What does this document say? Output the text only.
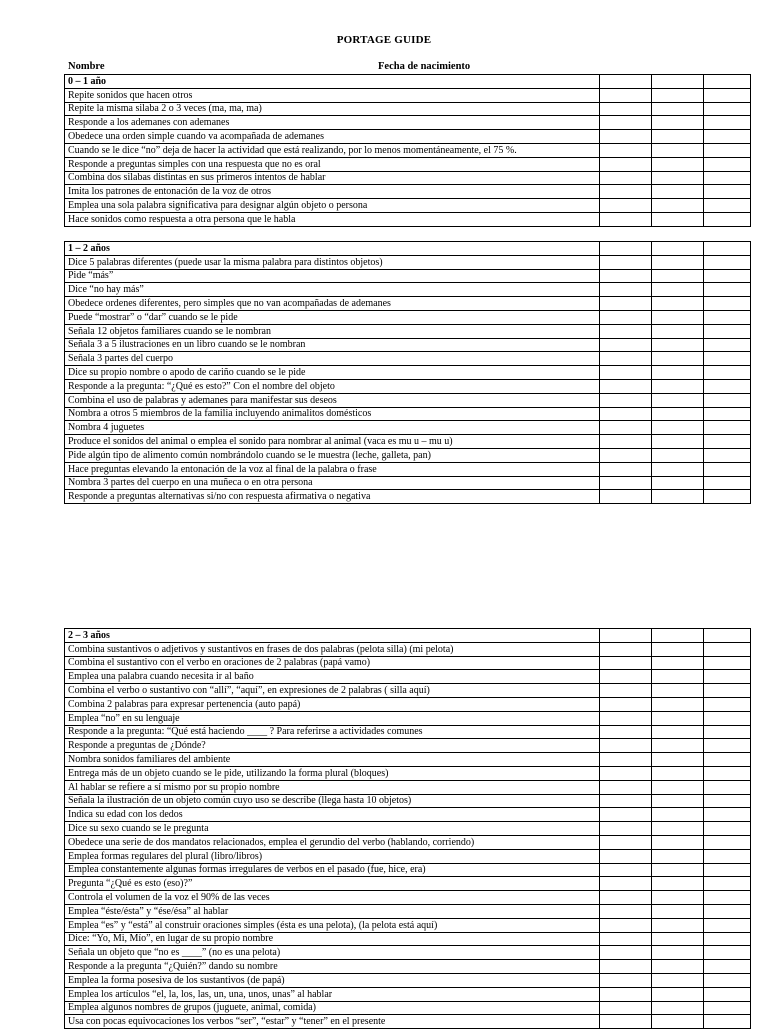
PORTAGE GUIDE
Nombre	Fecha de nacimiento
0 – 1 año			
Repite sonidos que hacen otros			
Repite la misma silaba 2 o 3 veces (ma, ma, ma)			
Responde a los ademanes con ademanes			
Obedece una orden simple cuando va acompañada de ademanes			
Cuando se le dice “no” deja de hacer la actividad que está realizando, por lo menos momentáneamente, el 75 %.			
Responde a preguntas simples con una respuesta que no es oral			
Combina dos silabas distintas en sus primeros intentos de hablar			
Imita los patrones de entonación de la voz de otros			
Emplea una sola palabra significativa para designar algún objeto o persona			
Hace sonidos como respuesta a otra persona que le habla			
1 – 2 años			
Dice 5 palabras diferentes (puede usar la misma palabra para distintos objetos)			
Pide “más”			
Dice “no hay más”			
Obedece ordenes diferentes, pero simples que no van acompañadas de ademanes			
Puede “mostrar” o “dar” cuando se le pide			
Señala 12 objetos familiares cuando se le nombran			
Señala 3 a 5 ilustraciones en un libro cuando se le nombran			
Señala 3 partes del cuerpo			
Dice su propio nombre o apodo de cariño cuando se le pide			
Responde a la pregunta: “¿Qué es esto?” Con el nombre del objeto			
Combina el uso de palabras y ademanes para manifestar sus deseos			
Nombra a otros 5 miembros de la familia incluyendo animalitos domésticos			
Nombra 4 juguetes			
Produce el sonidos del animal o emplea el sonido para nombrar al animal (vaca es mu u – mu u)			
Pide algún tipo de alimento común nombrándolo cuando se le muestra (leche, galleta, pan)			
Hace preguntas elevando la entonación de la voz al final de la palabra o frase			
Nombra 3 partes del cuerpo en una muñeca o en otra persona			
Responde a preguntas alternativas si/no con respuesta afirmativa o negativa			
2 – 3 años			
Combina sustantivos o adjetivos y sustantivos en frases de dos palabras (pelota silla) (mi pelota)			
Combina el sustantivo con el verbo en oraciones de 2 palabras (papá vamo)			
Emplea una palabra cuando necesita ir al baño			
Combina el verbo o sustantivo con “allí”, “aquí”, en expresiones de 2 palabras ( silla aquí)			
Combina 2 palabras para expresar pertenencia (auto papá)			
Emplea “no” en su lenguaje			
Responde a la pregunta: “Qué está haciendo ____ ? Para referirse a actividades comunes			
Responde a preguntas de ¿Dónde?			
Nombra sonidos familiares del ambiente			
Entrega más de un objeto cuando se le pide, utilizando la forma plural (bloques)			
Al hablar se refiere a sí mismo por su propio nombre			
Señala la ilustración de un objeto común cuyo uso se describe (llega hasta 10 objetos)			
Indica su edad con los dedos			
Dice su sexo cuando se le pregunta			
Obedece una serie de dos mandatos relacionados, emplea el gerundio del verbo (hablando, corriendo)			
Emplea formas regulares del plural (libro/libros)			
Emplea constantemente algunas formas irregulares de verbos en el pasado (fue, hice, era)			
Pregunta “¿Qué es esto (eso)?”			
Controla el volumen de la voz el 90% de las veces			
Emplea “éste/ésta” y “ése/ésa” al hablar			
Emplea “es” y “está” al construir oraciones simples (ésta es una pelota), (la pelota está aquí)			
Dice: “Yo, Mi, Mío”, en lugar de su propio nombre			
Señala un objeto que “no es ____” (no es una pelota)			
Responde a la pregunta “¿Quién?” dando su nombre			
Emplea la forma posesiva de los sustantivos (de papá)			
Emplea los artículos “el, la, los, las, un, una, unos, unas” al hablar			
Emplea algunos nombres de grupos (juguete, animal, comida)			
Usa con pocas equivocaciones los verbos “ser”, “estar” y “tener” en el presente			
